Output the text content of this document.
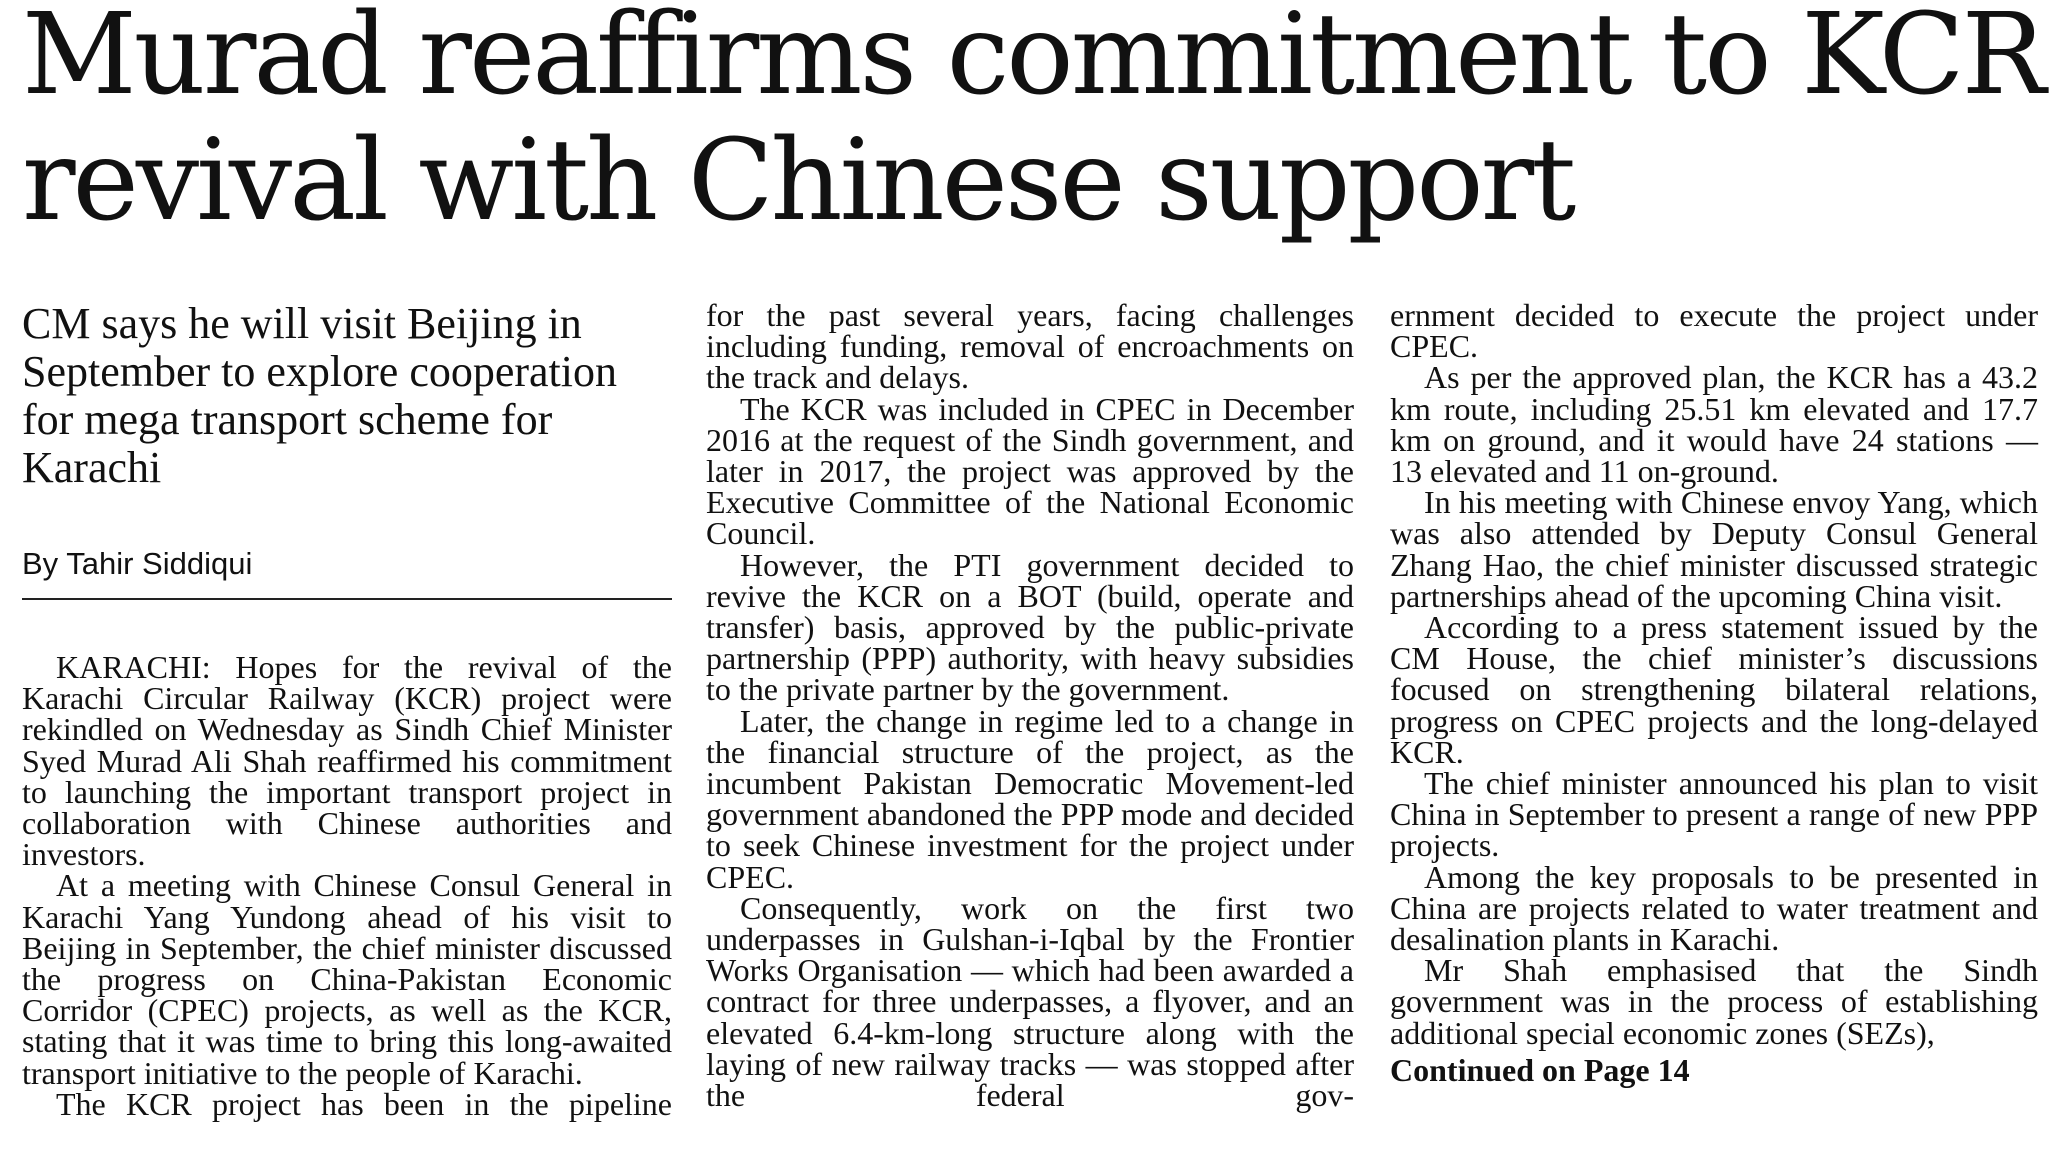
Murad reaffirms commitment to KCR revival with Chinese support
CM says he will visit Beijing in September to explore cooperation for mega transport scheme for Karachi
By Tahir Siddiqui

KARACHI: Hopes for the revival of the Karachi Circular Railway (KCR) project were rekindled on Wednesday as Sindh Chief Minister Syed Murad Ali Shah reaffirmed his commitment to launching the important transport project in collaboration with Chinese authorities and investors.

At a meeting with Chinese Consul General in Karachi Yang Yundong ahead of his visit to Beijing in September, the chief minister discussed the progress on China-Pakistan Economic Corridor (CPEC) projects, as well as the KCR, stating that it was time to bring this long-awaited transport initiative to the people of Karachi.

The KCR project has been in the pipeline

for the past several years, facing challenges including funding, removal of encroachments on the track and delays.

The KCR was included in CPEC in December 2016 at the request of the Sindh government, and later in 2017, the project was approved by the Executive Committee of the National Economic Council.

However, the PTI government decided to revive the KCR on a BOT (build, operate and transfer) basis, approved by the public-private partnership (PPP) authority, with heavy subsidies to the private partner by the government.

Later, the change in regime led to a change in the financial structure of the project, as the incumbent Pakistan Democratic Movement-led government abandoned the PPP mode and decided to seek Chinese investment for the project under CPEC.

Consequently, work on the first two underpasses in Gulshan-i-Iqbal by the Frontier Works Organisation — which had been awarded a contract for three underpasses, a flyover, and an elevated 6.4-km-long structure along with the laying of new railway tracks — was stopped after the federal gov-

ernment decided to execute the project under CPEC.

As per the approved plan, the KCR has a 43.2 km route, including 25.51 km elevated and 17.7 km on ground, and it would have 24 stations — 13 elevated and 11 on-ground.

In his meeting with Chinese envoy Yang, which was also attended by Deputy Consul General Zhang Hao, the chief minister discussed strategic partnerships ahead of the upcoming China visit.

According to a press statement issued by the CM House, the chief minister’s discussions focused on strengthening bilateral relations, progress on CPEC projects and the long-delayed KCR.

The chief minister announced his plan to visit China in September to present a range of new PPP projects.

Among the key proposals to be presented in China are projects related to water treatment and desalination plants in Karachi.

Mr Shah emphasised that the Sindh government was in the process of establishing additional special economic zones (SEZs),

Continued on Page 14
